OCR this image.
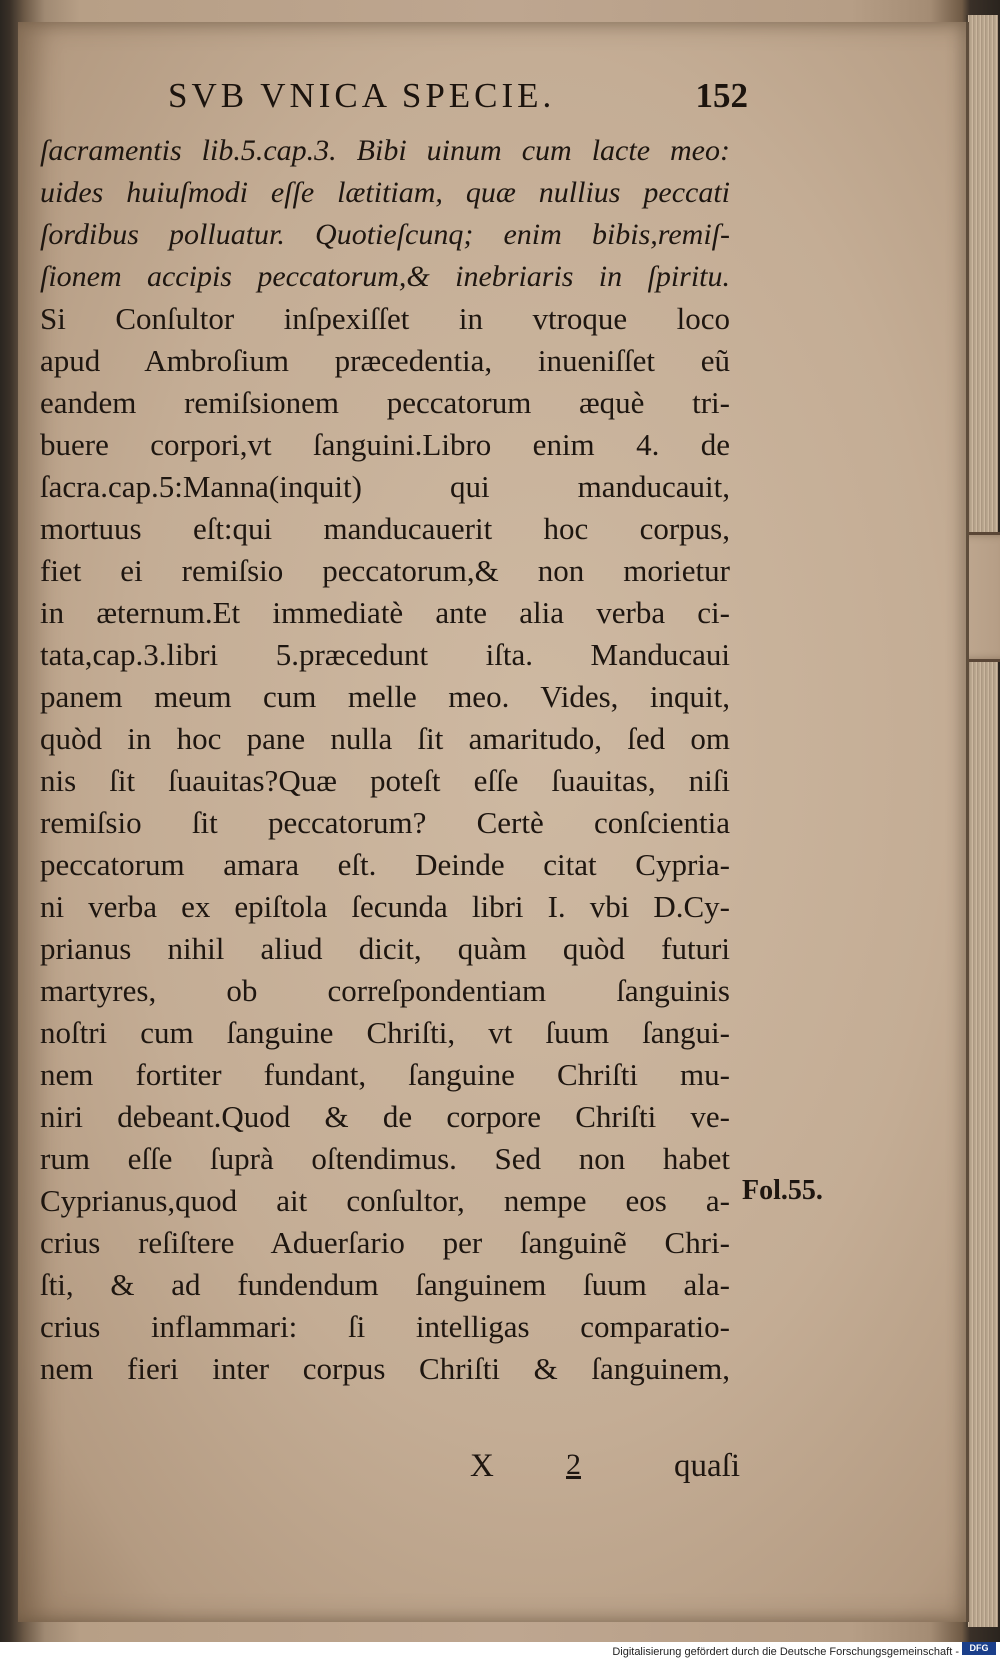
SVB VNICA SPECIE.	152
ſacramentis lib.5.cap.3. Bibi uinum cum lacte meo:
uides huiuſmodi eſſe lætitiam, quæ nullius peccati
ſordibus polluatur. Quotieſcunq; enim bibis,remiſ-
ſionem accipis peccatorum,& inebriaris in ſpiritu.
Si Conſultor inſpexiſſet in vtroque loco
apud Ambroſium præcedentia, inueniſſet eũ
eandem remiſsionem peccatorum æquè tri-
buere corpori,vt ſanguini.Libro enim 4. de
ſacra.cap.5:Manna(inquit) qui manducauit,
mortuus eſt:qui manducauerit hoc corpus,
fiet ei remiſsio peccatorum,& non morietur
in æternum.Et immediatè ante alia verba ci-
tata,cap.3.libri 5.præcedunt iſta. Manducaui
panem meum cum melle meo. Vides, inquit,
quòd in hoc pane nulla ſit amaritudo, ſed om
nis ſit ſuauitas?Quæ poteſt eſſe ſuauitas, niſi
remiſsio ſit peccatorum? Certè conſcientia
peccatorum amara eſt. Deinde citat Cypria-
ni verba ex epiſtola ſecunda libri I. vbi D.Cy-
prianus nihil aliud dicit, quàm quòd futuri
martyres, ob correſpondentiam ſanguinis
noſtri cum ſanguine Chriſti, vt ſuum ſangui-
nem fortiter fundant, ſanguine Chriſti mu-
niri debeant.Quod & de corpore Chriſti ve-
rum eſſe ſuprà oſtendimus. Sed non habet
Cyprianus,quod ait conſultor, nempe eos a-
crius reſiſtere Aduerſario per ſanguinẽ Chri-
ſti, & ad fundendum ſanguinem ſuum ala-
crius inflammari: ſi intelligas comparatio-
nem fieri inter corpus Chriſti & ſanguinem,
Fol.55.
X 2	quaſi
Digitalisierung gefördert durch die Deutsche Forschungsgemeinschaft - DFG
